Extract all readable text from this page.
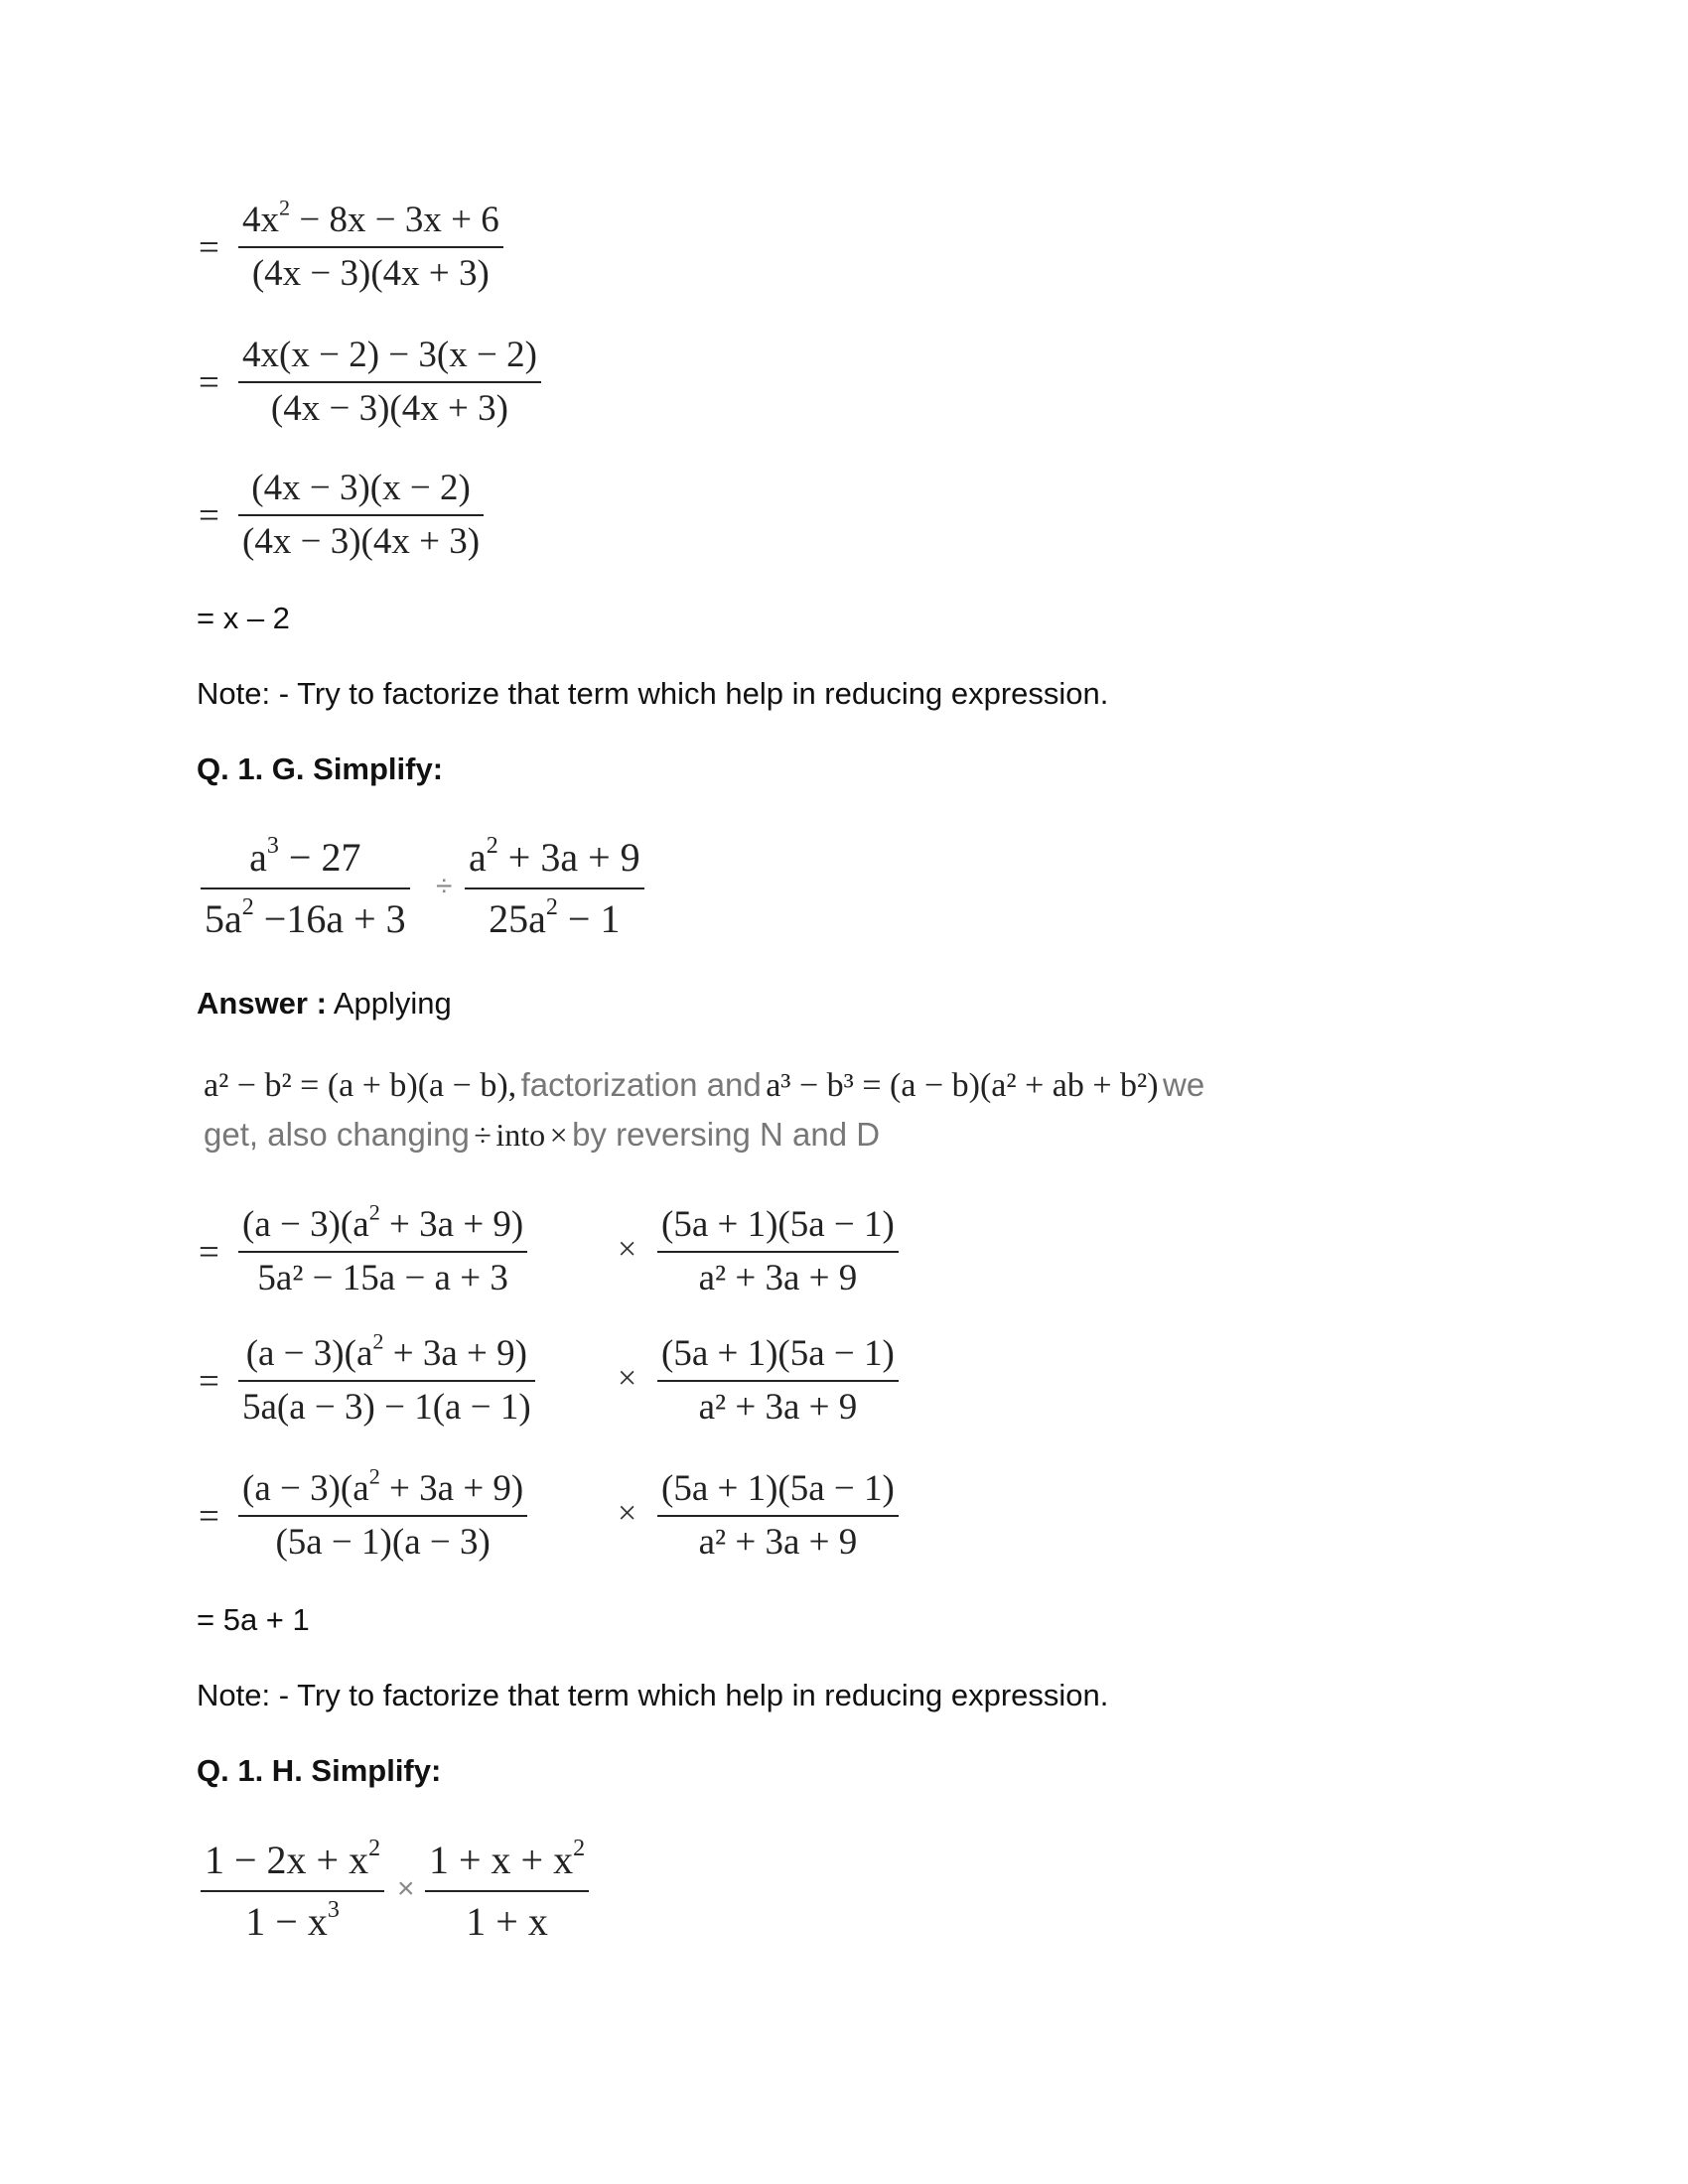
=
$4x^2 - 8x - 3x + 6$
(4x − 3)(4x + 3)
=
4x(x − 2) − 3(x − 2)
(4x − 3)(4x + 3)
=
(4x − 3)(x − 2)
(4x − 3)(4x + 3)
= x – 2
Note: - Try to factorize that term which help in reducing expression.
Q. 1. G. Simplify:
$a^3 - 27$
$5a^2 -16a + 3$
÷
$a^2 + 3a + 9$
$25a^2 - 1$
Answer : Applying
a² − b² = (a + b)(a − b), factorization and a³ − b³ = (a − b)(a² + ab + b²) we
get, also changing ÷ into × by reversing N and D
=
$(a - 3)(a^2 + 3a + 9)$
5a² − 15a − a + 3
×
(5a + 1)(5a − 1)
a² + 3a + 9
=
$(a - 3)(a^2 + 3a + 9)$
5a(a − 3) − 1(a − 1)
×
(5a + 1)(5a − 1)
a² + 3a + 9
=
$(a - 3)(a^2 + 3a + 9)$
(5a − 1)(a − 3)
×
(5a + 1)(5a − 1)
a² + 3a + 9
= 5a + 1
Note: - Try to factorize that term which help in reducing expression.
Q. 1. H. Simplify:
$1 - 2x + x^2$
$1 - x^3$
×
$1 + x + x^2$
1 + x
